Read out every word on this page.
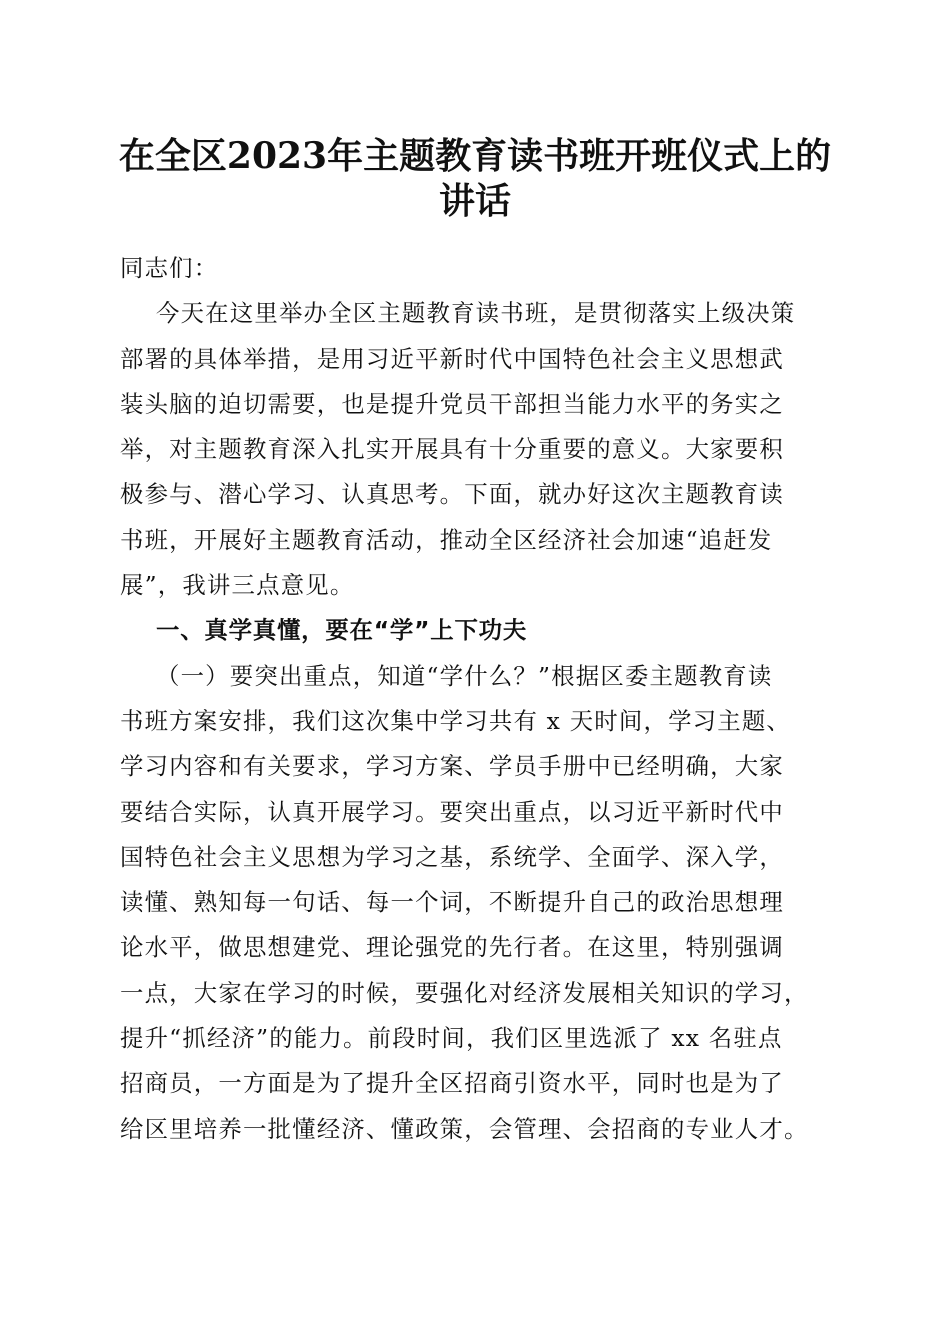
在全区2023年主题教育读书班开班仪式上的
讲话
同志们：
今天在这里举办全区主题教育读书班，是贯彻落实上级决策
部署的具体举措，是用习近平新时代中国特色社会主义思想武
装头脑的迫切需要，也是提升党员干部担当能力水平的务实之
举，对主题教育深入扎实开展具有十分重要的意义。大家要积
极参与、潜心学习、认真思考。下面，就办好这次主题教育读
书班，开展好主题教育活动，推动全区经济社会加速“追赶发
展”，我讲三点意见。
一、真学真懂，要在“学”上下功夫
（一）要突出重点，知道“学什么？”根据区委主题教育读
书班方案安排，我们这次集中学习共有 x 天时间，学习主题、
学习内容和有关要求，学习方案、学员手册中已经明确，大家
要结合实际，认真开展学习。要突出重点，以习近平新时代中
国特色社会主义思想为学习之基，系统学、全面学、深入学，
读懂、熟知每一句话、每一个词，不断提升自己的政治思想理
论水平，做思想建党、理论强党的先行者。在这里，特别强调
一点，大家在学习的时候，要强化对经济发展相关知识的学习，
提升“抓经济”的能力。前段时间，我们区里选派了 xx 名驻点
招商员，一方面是为了提升全区招商引资水平，同时也是为了
给区里培养一批懂经济、懂政策，会管理、会招商的专业人才。
